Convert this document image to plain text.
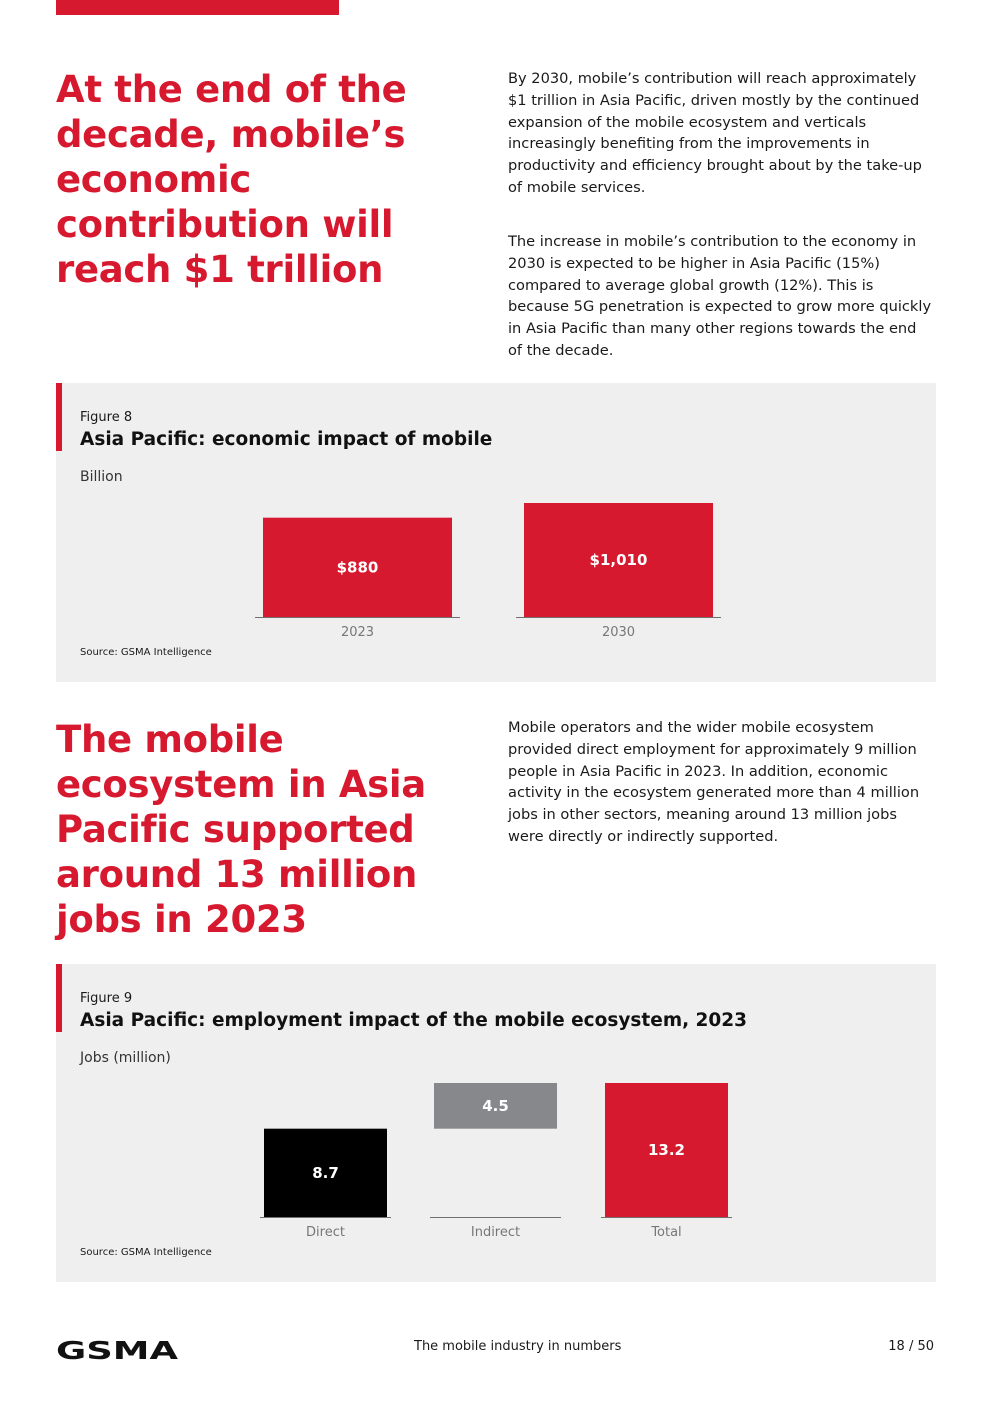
At the end of the decade, mobile’s economic contribution will reach $1 trillion

By 2030, mobile’s contribution will reach approximately $1 trillion in Asia Pacific, driven mostly by the continued expansion of the mobile ecosystem and verticals increasingly benefiting from the improvements in productivity and efficiency brought about by the take-up of mobile services.

The increase in mobile’s contribution to the economy in 2030 is expected to be higher in Asia Pacific (15%) compared to average global growth (12%). This is because 5G penetration is expected to grow more quickly in Asia Pacific than many other regions towards the end of the decade.

Figure 8
Asia Pacific: economic impact of mobile
Billion
$880
2023
$1,010
2030
Source: GSMA Intelligence
The mobile ecosystem in Asia Pacific supported around 13 million jobs in 2023

Mobile operators and the wider mobile ecosystem provided direct employment for approximately 9 million people in Asia Pacific in 2023. In addition, economic activity in the ecosystem generated more than 4 million jobs in other sectors, meaning around 13 million jobs were directly or indirectly supported.

Figure 9
Asia Pacific: employment impact of the mobile ecosystem, 2023
Jobs (million)
8.7
Direct
4.5
Indirect
13.2
Total
Source: GSMA Intelligence
GSMA	The mobile industry in numbers	18 / 50
